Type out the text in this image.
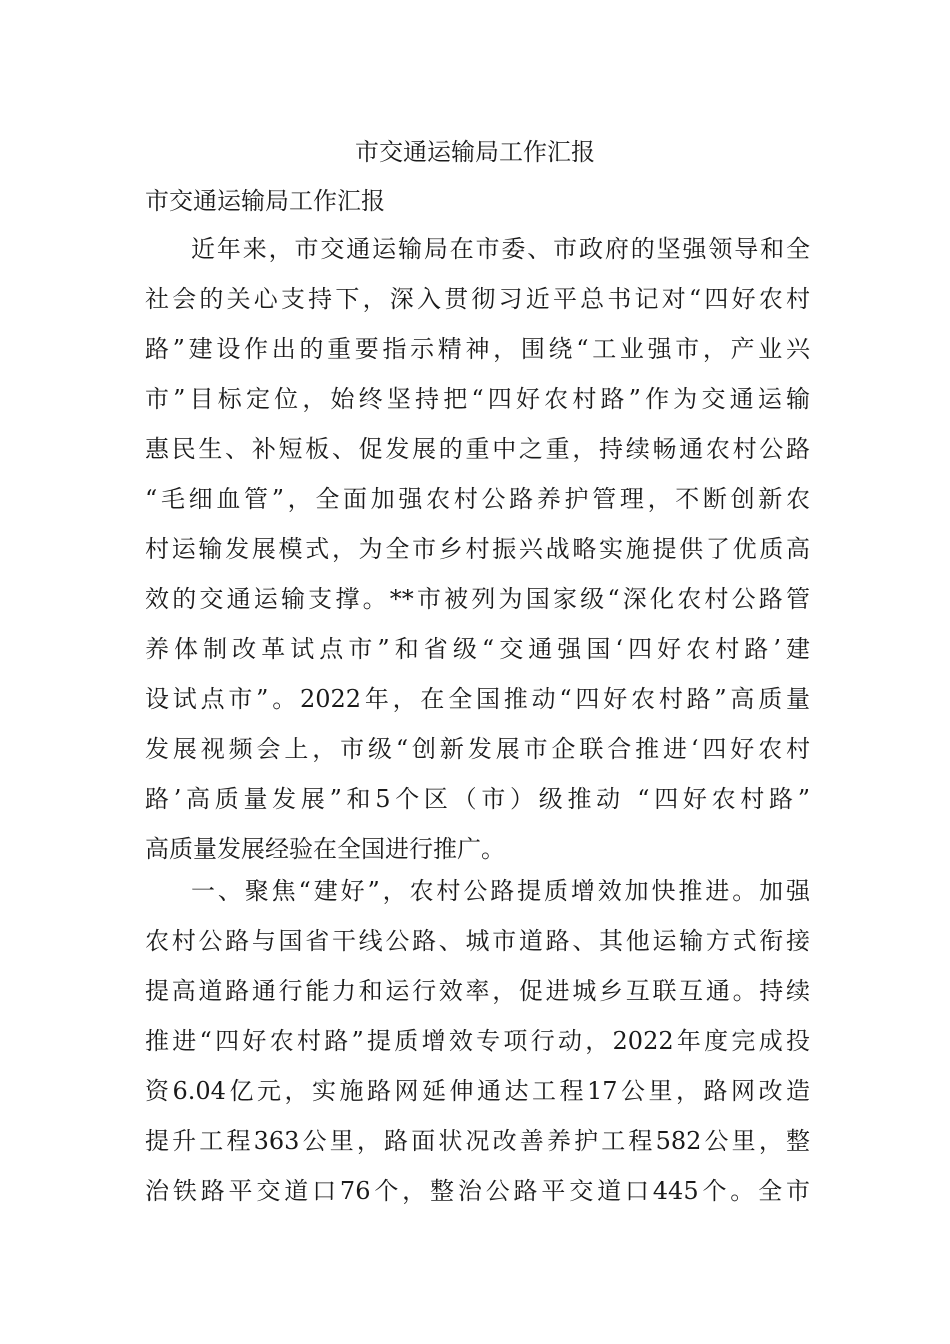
市交通运输局工作汇报
市交通运输局工作汇报
近年来，市交通运输局在市委、市政府的坚强领导和全
社会的关心支持下，深入贯彻习近平总书记对“四好农村
路”建设作出的重要指示精神，围绕“工业强市，产业兴
市”目标定位，始终坚持把“四好农村路”作为交通运输
惠民生、补短板、促发展的重中之重，持续畅通农村公路
“毛细血管”，全面加强农村公路养护管理，不断创新农
村运输发展模式，为全市乡村振兴战略实施提供了优质高
效的交通运输支撑。**市被列为国家级“深化农村公路管
养体制改革试点市”和省级“交通强国‘四好农村路’建
设试点市”。2022年，在全国推动“四好农村路”高质量
发展视频会上，市级“创新发展市企联合推进‘四好农村
路’高质量发展”和5个区（市）级推动 “四好农村路”
高质量发展经验在全国进行推广。
一、聚焦“建好”，农村公路提质增效加快推进。加强
农村公路与国省干线公路、城市道路、其他运输方式衔接
提高道路通行能力和运行效率，促进城乡互联互通。持续
推进“四好农村路”提质增效专项行动，2022年度完成投
资6.04亿元，实施路网延伸通达工程17公里，路网改造
提升工程363公里，路面状况改善养护工程582公里，整
治铁路平交道口76个，整治公路平交道口445个。全市
